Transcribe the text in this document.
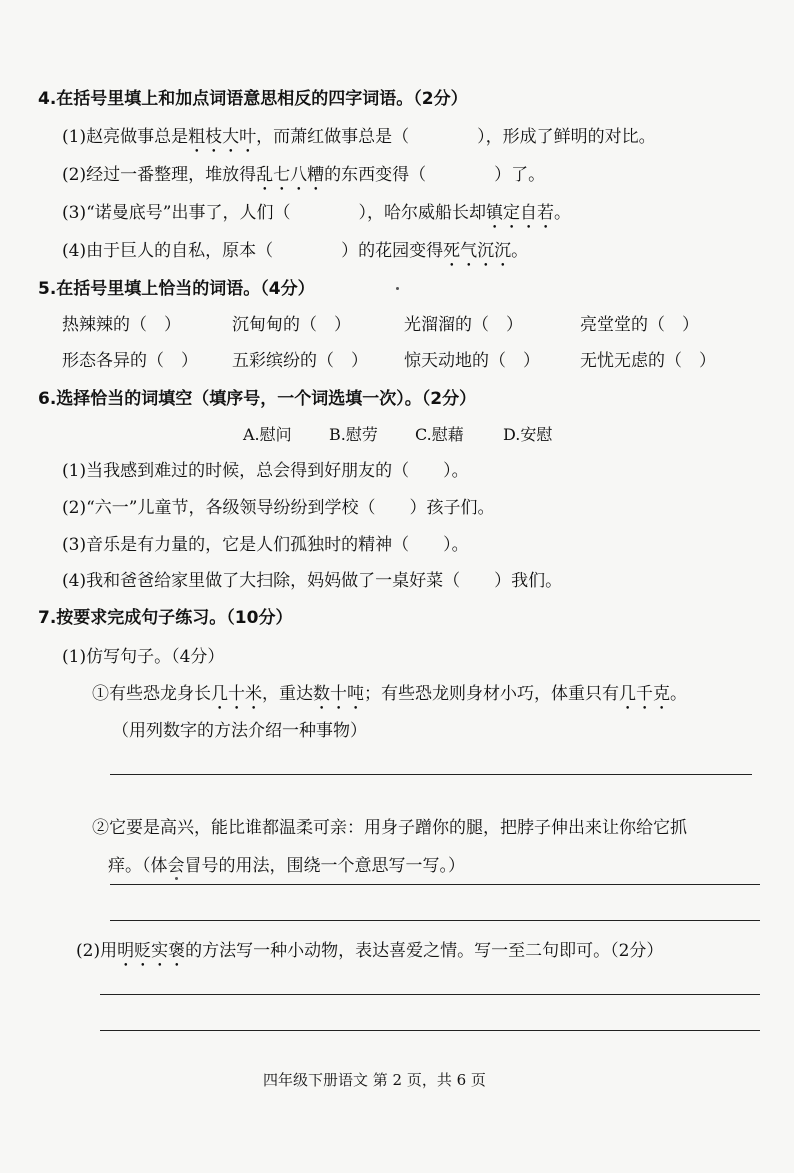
4.在括号里填上和加点词语意思相反的四字词语。（2分）
(1)赵亮做事总是粗枝大叶，而萧红做事总是（　　　　	），形成了鲜明的对比。
(2)经过一番整理，堆放得乱七八糟的东西变得（　　　　	）了。
(3)“诺曼底号”出事了，人们（　　　　	），哈尔威船长却镇定自若。
(4)由于巨人的自私，原本（　　　　	）的花园变得死气沉沉。
5.在括号里填上恰当的词语。（4分）
热辣辣的（　）	沉甸甸的（　）	光溜溜的（　）	亮堂堂的（　）
形态各异的（　） 五彩缤纷的（　） 惊天动地的（　） 无忧无虑的（　）
6.选择恰当的词填空（填序号，一个词选填一次）。（2分）
A.慰问 B.慰劳 C.慰藉 D.安慰
(1)当我感到难过的时候，总会得到好朋友的（　　）。
(2)“六一”儿童节，各级领导纷纷到学校（　　）孩子们。
(3)音乐是有力量的，它是人们孤独时的精神（　　）。
(4)我和爸爸给家里做了大扫除，妈妈做了一桌好菜（　　）我们。
7.按要求完成句子练习。（10分）
(1)仿写句子。（4分）
①有些恐龙身长几十米，重达数十吨；有些恐龙则身材小巧，体重只有几千克。
（用列数字的方法介绍一种事物）
②它要是高兴，能比谁都温柔可亲：用身子蹭你的腿，把脖子伸出来让你给它抓
痒。（体会冒号的用法，围绕一个意思写一写。）
(2)用明贬实褒的方法写一种小动物，表达喜爱之情。写一至二句即可。（2分）
四年级下册语文 第 2 页，共 6 页
